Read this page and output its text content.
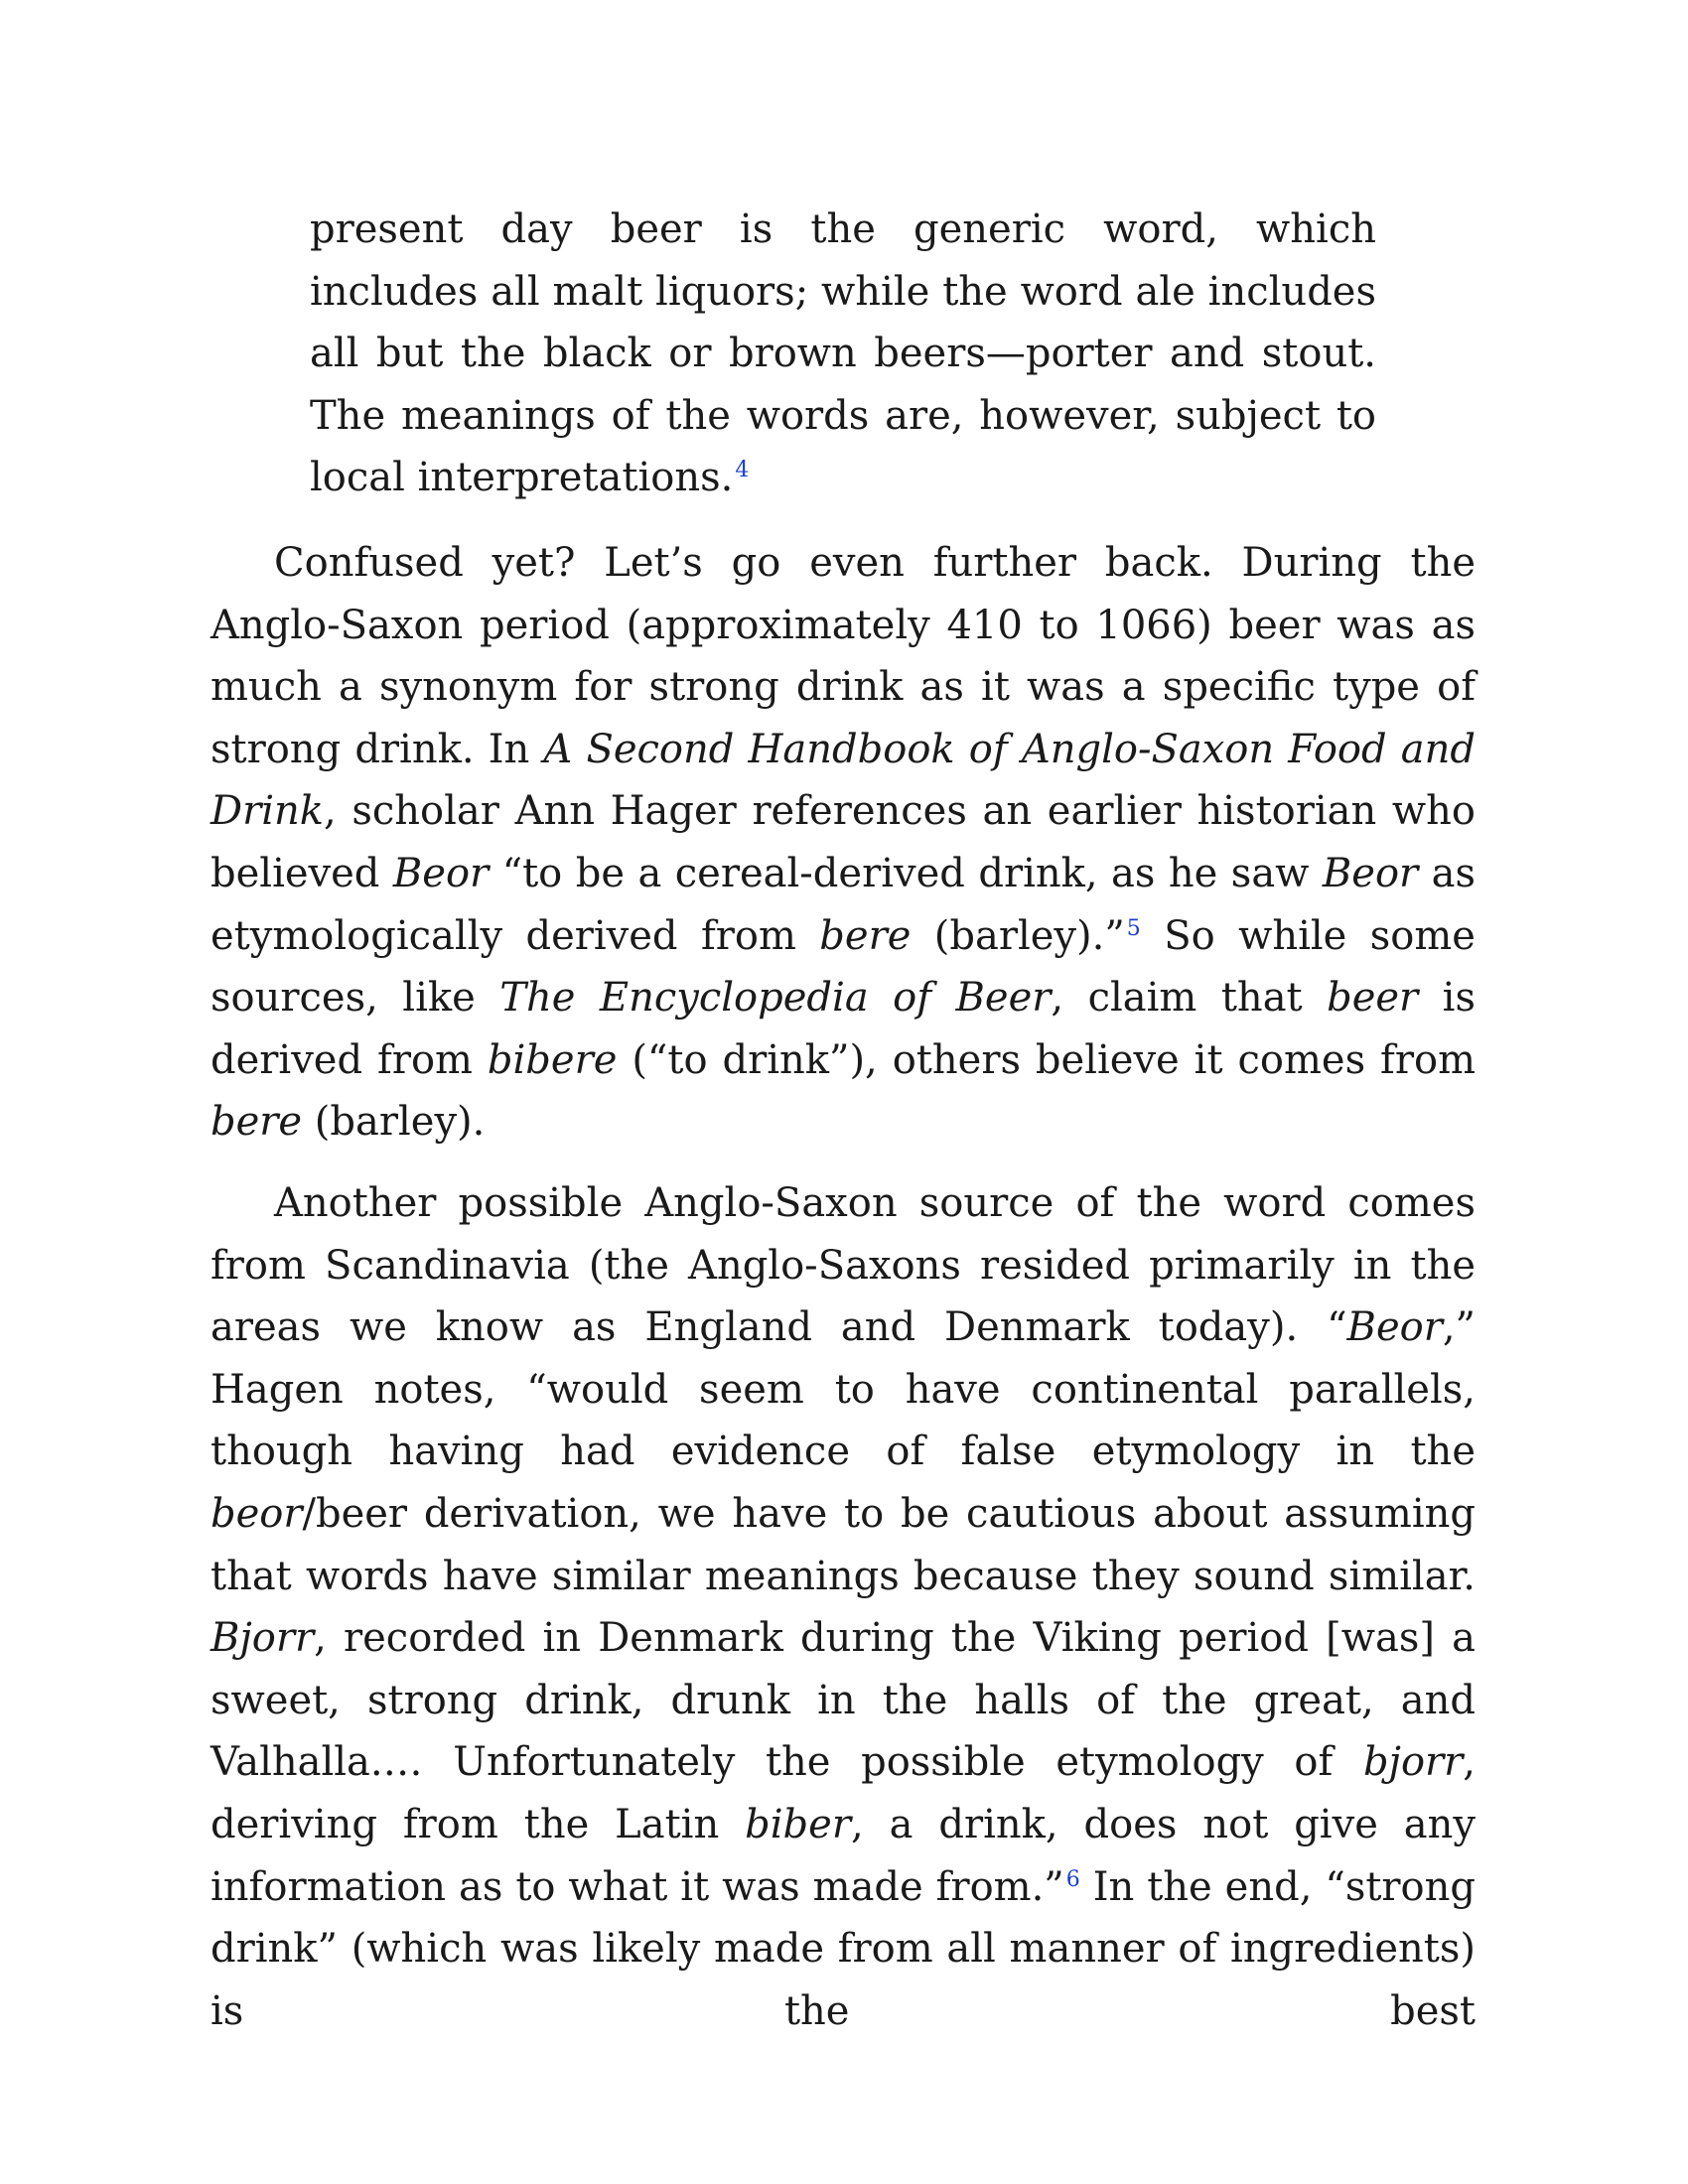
present day beer is the generic word, which includes all malt liquors; while the word ale includes all but the black or brown beers—porter and stout. The meanings of the words are, however, subject to local interpretations.$^4$

Confused yet? Let’s go even further back. During the Anglo-Saxon period (approximately 410 to 1066) beer was as much a synonym for strong drink as it was a specific type of strong drink. In A Second Handbook of Anglo-Saxon Food and Drink, scholar Ann Hager references an earlier historian who believed Beor “to be a cereal-derived drink, as he saw Beor as etymologically derived from bere (barley).”$^5$ So while some sources, like The Encyclopedia of Beer, claim that beer is derived from bibere (“to drink”), others believe it comes from bere (barley).

Another possible Anglo-Saxon source of the word comes from Scandinavia (the Anglo-Saxons resided primarily in the areas we know as England and Denmark today). “Beor,” Hagen notes, “would seem to have continental parallels, though having had evidence of false etymology in the beor/beer derivation, we have to be cautious about assuming that words have similar meanings because they sound similar. Bjorr, recorded in Denmark during the Viking period [was] a sweet, strong drink, drunk in the halls of the great, and Valhalla.… Unfortunately the possible etymology of bjorr, deriving from the Latin biber, a drink, does not give any information as to what it was made from.”$^6$ In the end, “strong drink” (which was likely made from all manner of ingredients) is the best
